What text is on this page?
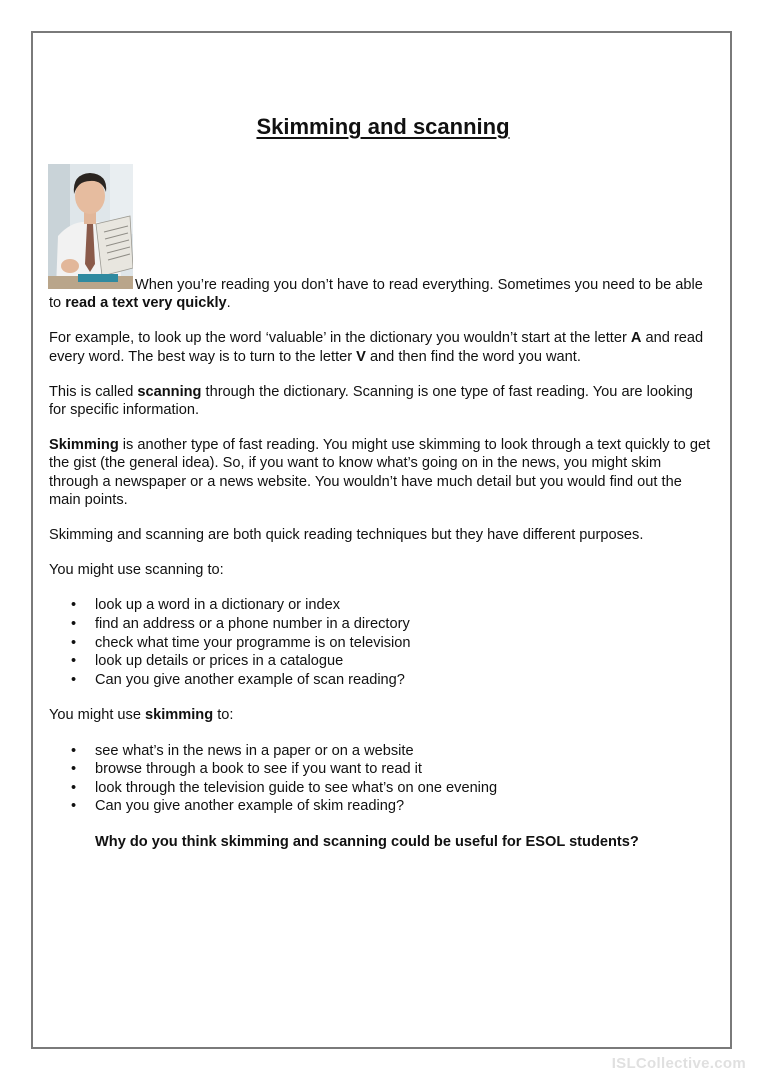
Skimming and scanning

When you’re reading you don’t have to read everything. Sometimes you need to be able to read a text very quickly.

For example, to look up the word ‘valuable’ in the dictionary you wouldn’t start at the letter A and read every word. The best way is to turn to the letter V and then find the word you want.

This is called scanning through the dictionary. Scanning is one type of fast reading. You are looking for specific information.

Skimming is another type of fast reading. You might use skimming to look through a text quickly to get the gist (the general idea). So, if you want to know what’s going on in the news, you might skim through a newspaper or a news website. You wouldn’t have much detail but you would find out the main points.

Skimming and scanning are both quick reading techniques but they have different purposes.

You might use scanning to:

• look up a word in a dictionary or index
• find an address or a phone number in a directory
• check what time your programme is on television
• look up details or prices in a catalogue
• Can you give another example of scan reading?

You might use skimming to:

• see what’s in the news in a paper or on a website
• browse through a book to see if you want to read it
• look through the television guide to see what’s on one evening
• Can you give another example of skim reading?

Why do you think skimming and scanning could be useful for ESOL students?

ISLCollective.com
